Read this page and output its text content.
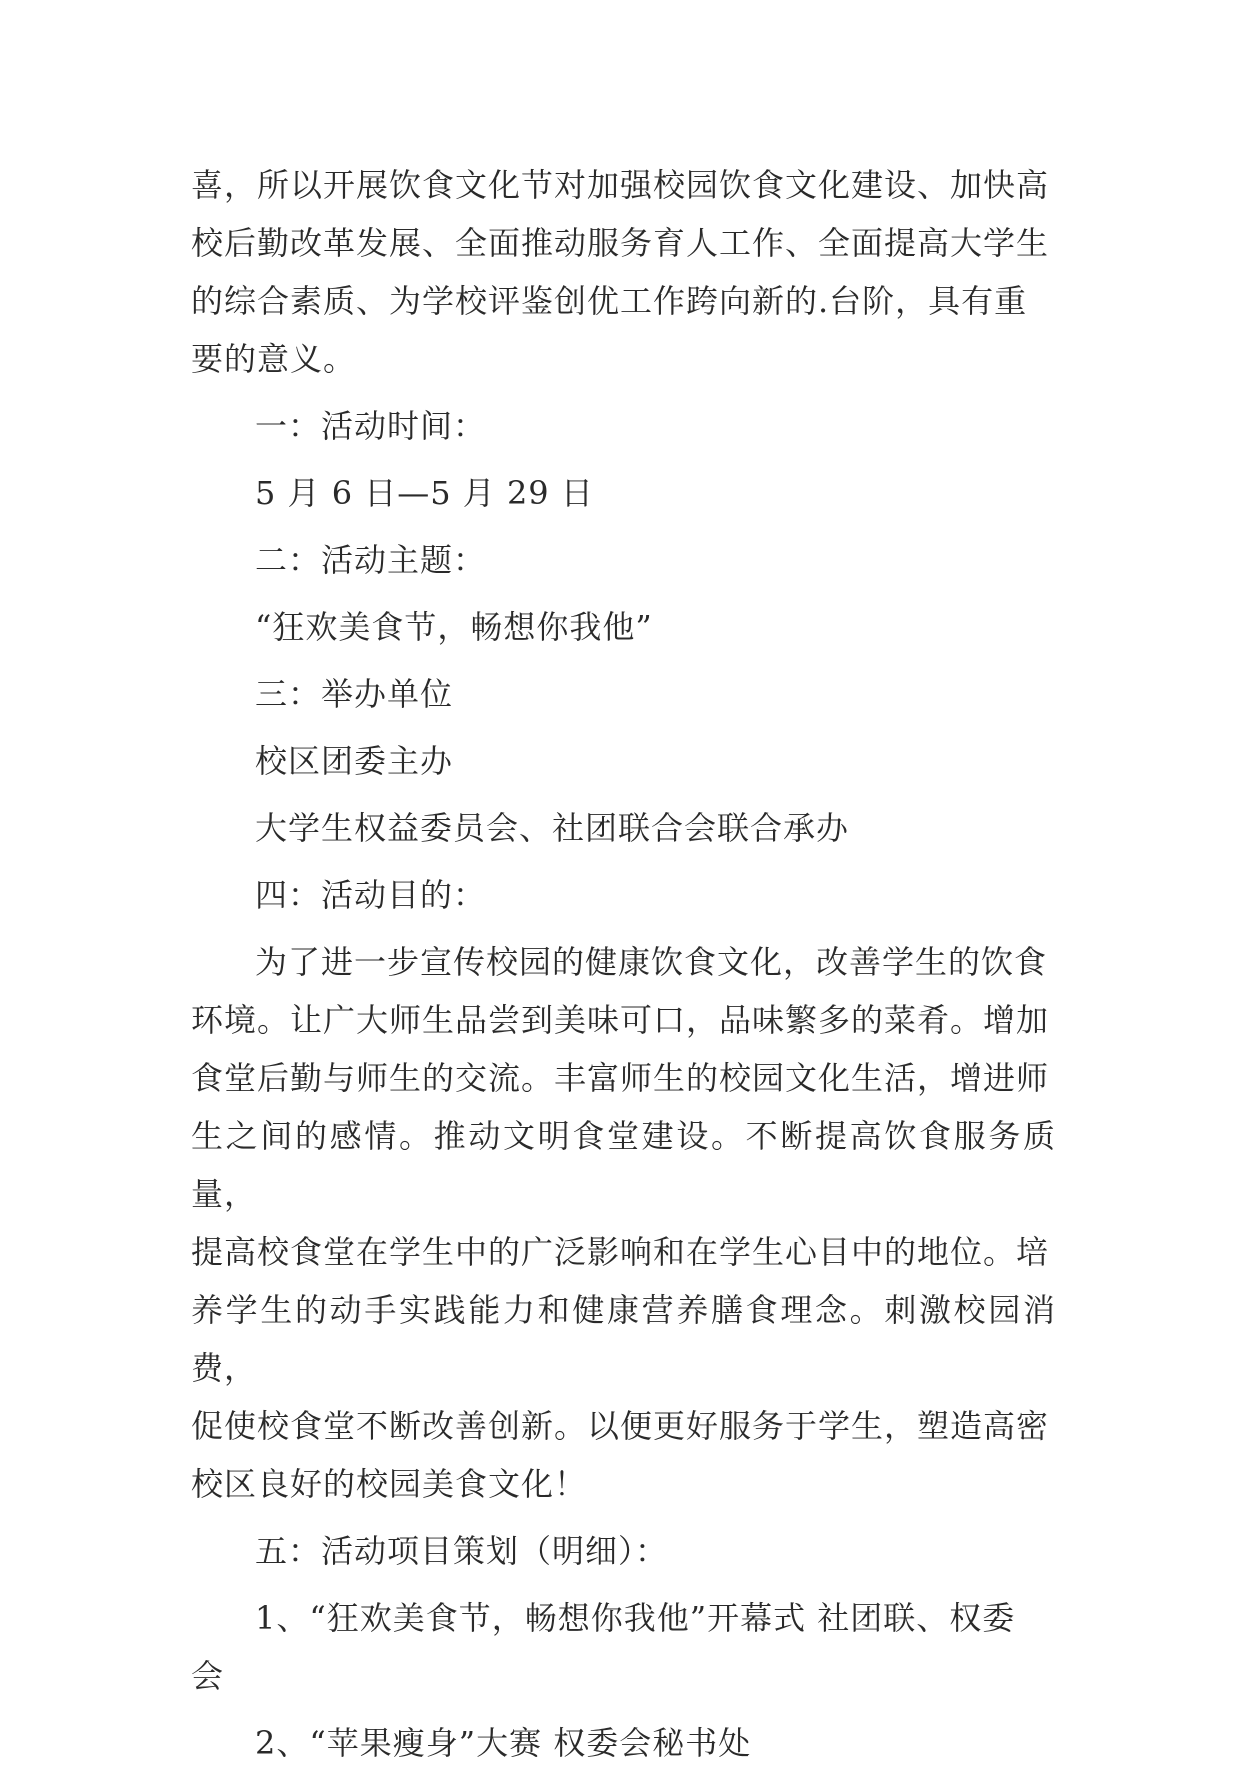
喜，所以开展饮食文化节对加强校园饮食文化建设、加快高
校后勤改革发展、全面推动服务育人工作、全面提高大学生
的综合素质、为学校评鉴创优工作跨向新的.台阶，具有重
要的意义。

一：活动时间：

5 月 6 日—5 月 29 日

二：活动主题：

“狂欢美食节，畅想你我他”

三：举办单位

校区团委主办

大学生权益委员会、社团联合会联合承办

四：活动目的：

为了进一步宣传校园的健康饮食文化，改善学生的饮食
环境。让广大师生品尝到美味可口，品味繁多的菜肴。增加
食堂后勤与师生的交流。丰富师生的校园文化生活，增进师
生之间的感情。推动文明食堂建设。不断提高饮食服务质量，
提高校食堂在学生中的广泛影响和在学生心目中的地位。培
养学生的动手实践能力和健康营养膳食理念。刺激校园消费，
促使校食堂不断改善创新。以便更好服务于学生，塑造高密
校区良好的校园美食文化！

五：活动项目策划（明细）：

1、“狂欢美食节，畅想你我他”开幕式 社团联、权委
会

2、“苹果瘦身”大赛 权委会秘书处
